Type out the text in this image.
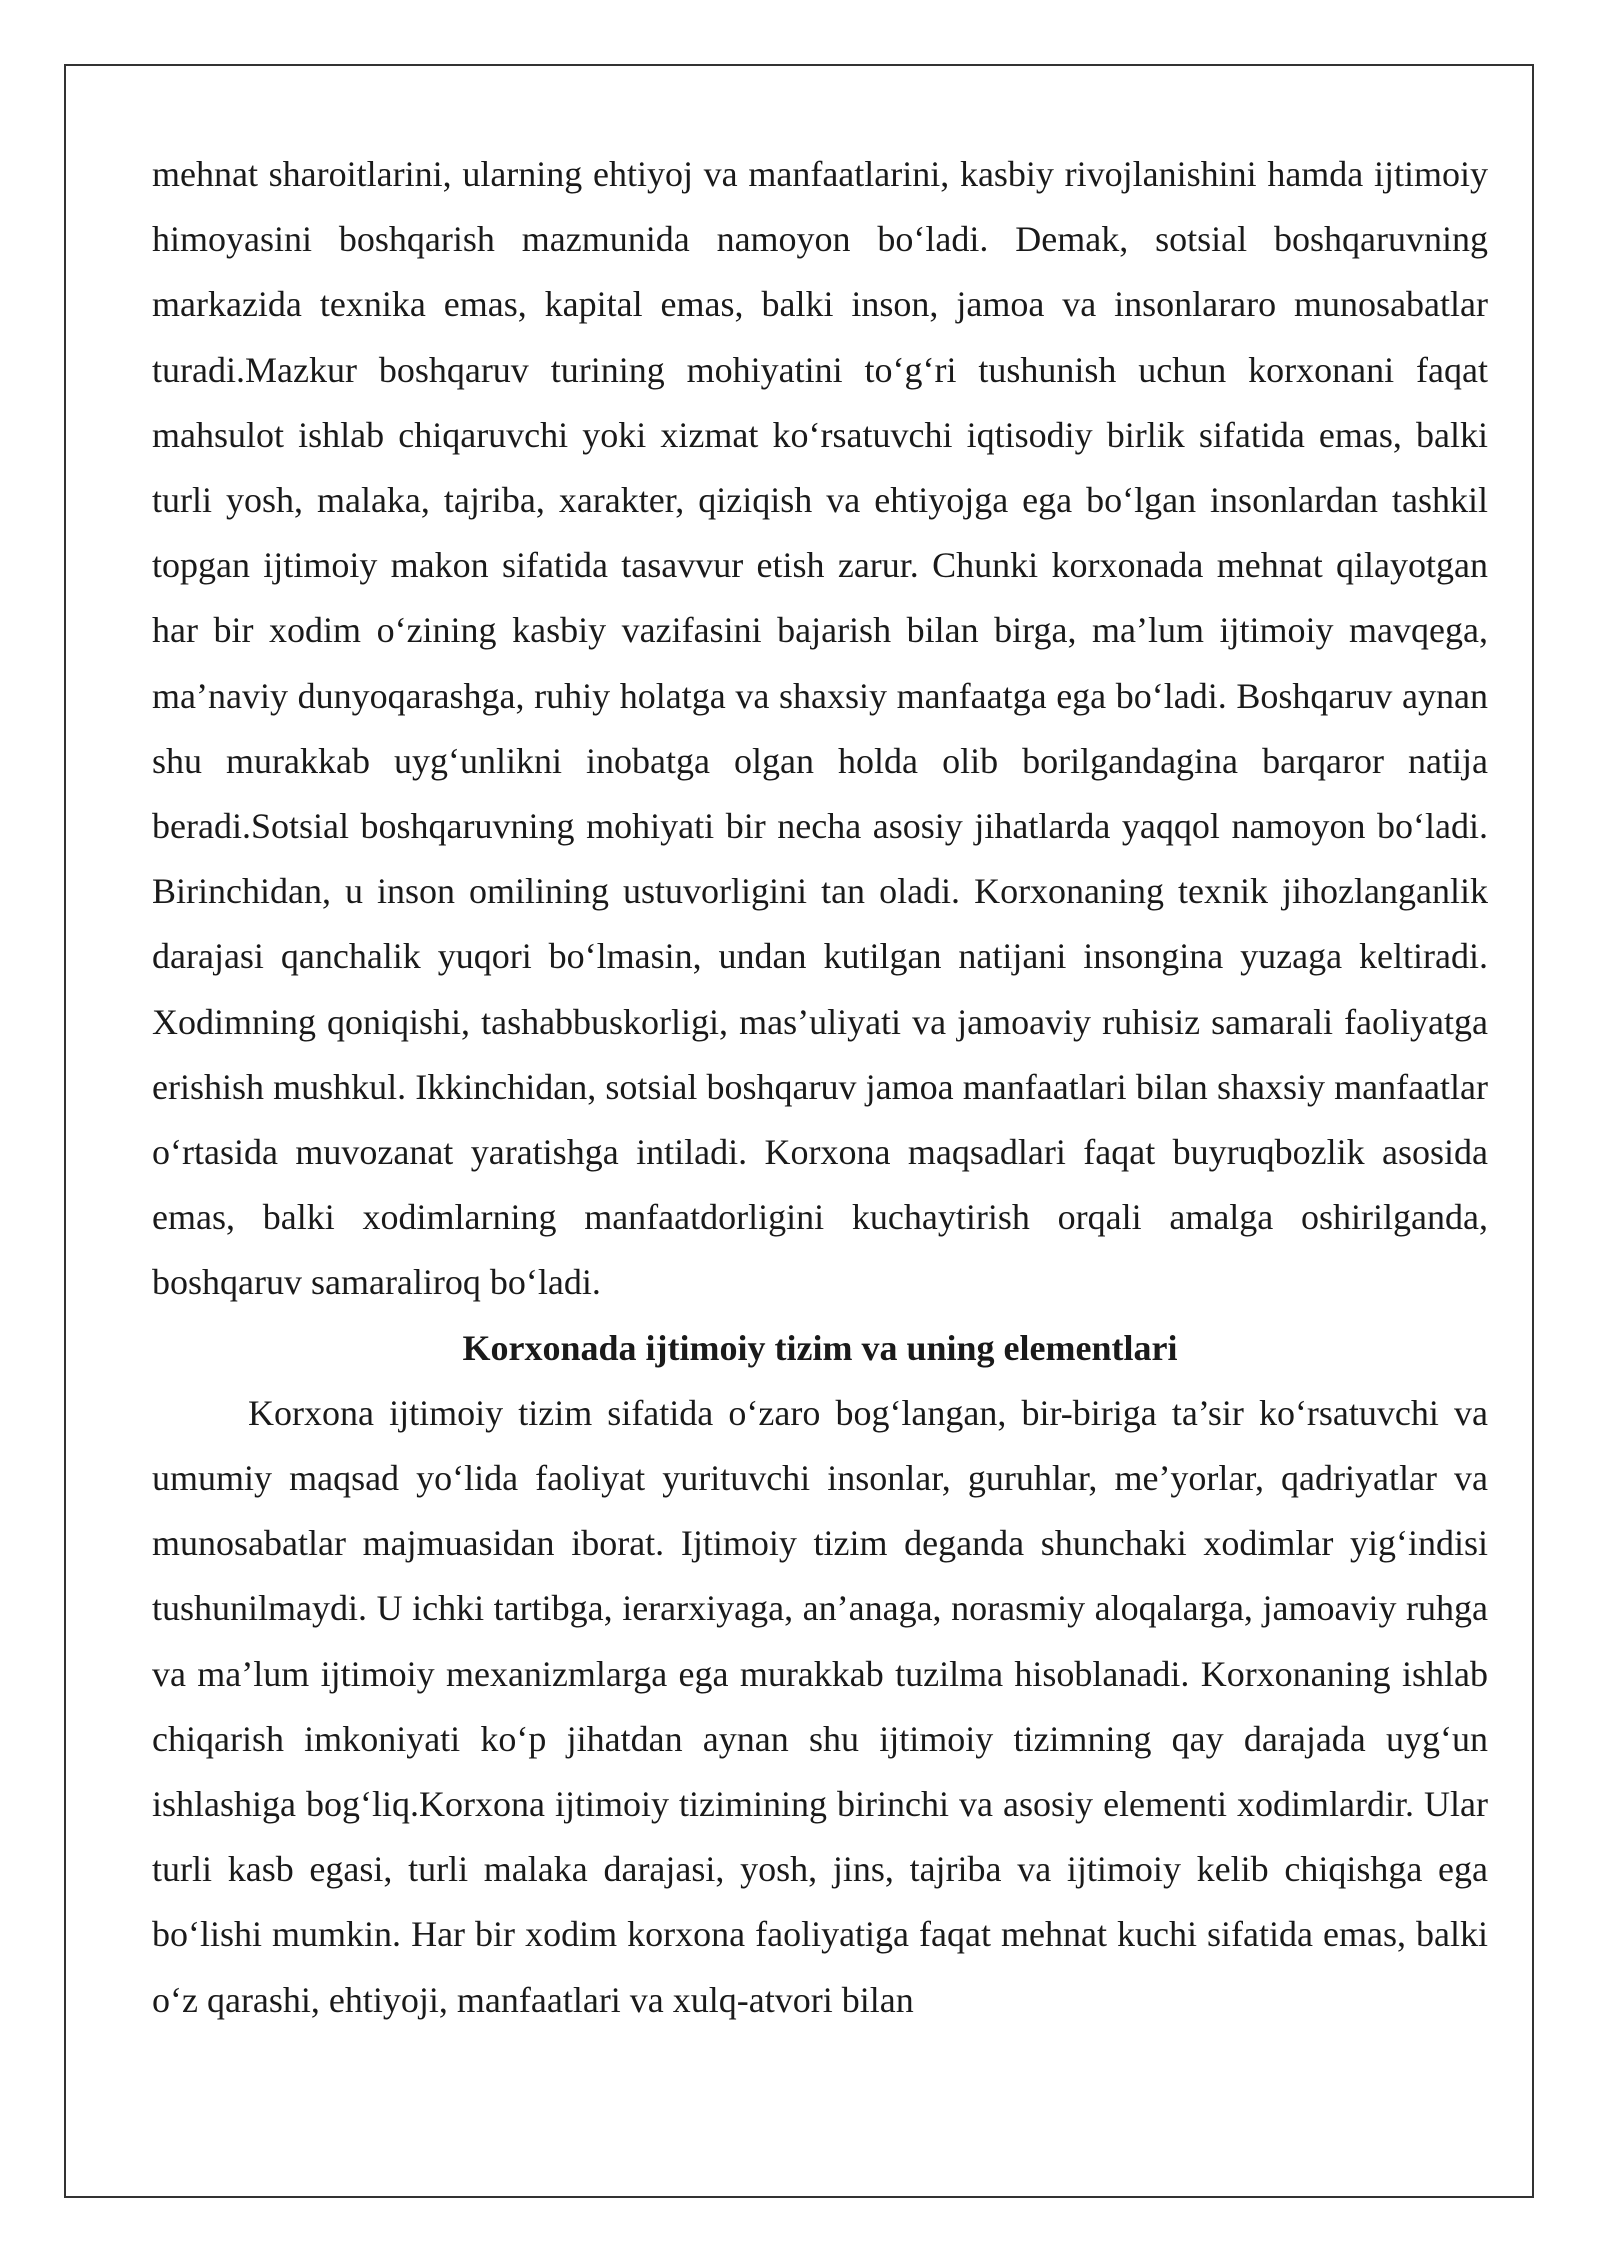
mehnat sharoitlarini, ularning ehtiyoj va manfaatlarini, kasbiy rivojlanishini hamda ijtimoiy himoyasini boshqarish mazmunida namoyon bo‘ladi. Demak, sotsial boshqaruvning markazida texnika emas, kapital emas, balki inson, jamoa va insonlararo munosabatlar turadi.Mazkur boshqaruv turining mohiyatini to‘g‘ri tushunish uchun korxonani faqat mahsulot ishlab chiqaruvchi yoki xizmat ko‘rsatuvchi iqtisodiy birlik sifatida emas, balki turli yosh, malaka, tajriba, xarakter, qiziqish va ehtiyojga ega bo‘lgan insonlardan tashkil topgan ijtimoiy makon sifatida tasavvur etish zarur. Chunki korxonada mehnat qilayotgan har bir xodim o‘zining kasbiy vazifasini bajarish bilan birga, ma’lum ijtimoiy mavqega, ma’naviy dunyoqarashga, ruhiy holatga va shaxsiy manfaatga ega bo‘ladi. Boshqaruv aynan shu murakkab uyg‘unlikni inobatga olgan holda olib borilgandagina barqaror natija beradi.Sotsial boshqaruvning mohiyati bir necha asosiy jihatlarda yaqqol namoyon bo‘ladi. Birinchidan, u inson omilining ustuvorligini tan oladi. Korxonaning texnik jihozlanganlik darajasi qanchalik yuqori bo‘lmasin, undan kutilgan natijani insongina yuzaga keltiradi. Xodimning qoniqishi, tashabbuskorligi, mas’uliyati va jamoaviy ruhisiz samarali faoliyatga erishish mushkul. Ikkinchidan, sotsial boshqaruv jamoa manfaatlari bilan shaxsiy manfaatlar o‘rtasida muvozanat yaratishga intiladi. Korxona maqsadlari faqat buyruqbozlik asosida emas, balki xodimlarning manfaatdorligini kuchaytirish orqali amalga oshirilganda, boshqaruv samaraliroq bo‘ladi.

Korxonada ijtimoiy tizim va uning elementlari

Korxona ijtimoiy tizim sifatida o‘zaro bog‘langan, bir-biriga ta’sir ko‘rsatuvchi va umumiy maqsad yo‘lida faoliyat yurituvchi insonlar, guruhlar, me’yorlar, qadriyatlar va munosabatlar majmuasidan iborat. Ijtimoiy tizim deganda shunchaki xodimlar yig‘indisi tushunilmaydi. U ichki tartibga, ierarxiyaga, an’anaga, norasmiy aloqalarga, jamoaviy ruhga va ma’lum ijtimoiy mexanizmlarga ega murakkab tuzilma hisoblanadi. Korxonaning ishlab chiqarish imkoniyati ko‘p jihatdan aynan shu ijtimoiy tizimning qay darajada uyg‘un ishlashiga bog‘liq.Korxona ijtimoiy tizimining birinchi va asosiy elementi xodimlardir. Ular turli kasb egasi, turli malaka darajasi, yosh, jins, tajriba va ijtimoiy kelib chiqishga ega bo‘lishi mumkin. Har bir xodim korxona faoliyatiga faqat mehnat kuchi sifatida emas, balki o‘z qarashi, ehtiyoji, manfaatlari va xulq-atvori bilan
